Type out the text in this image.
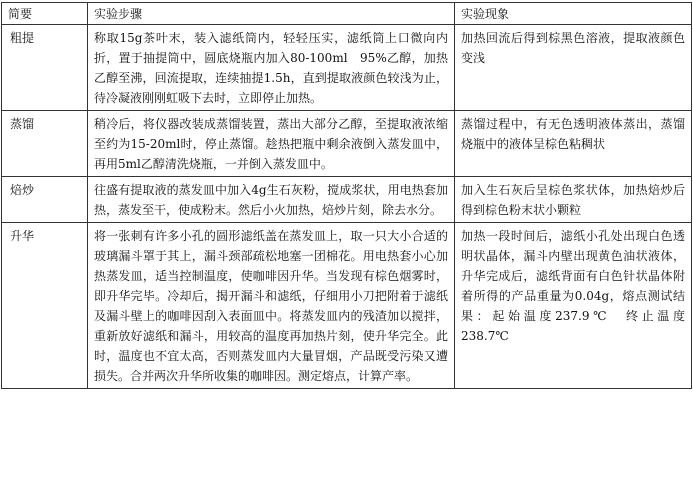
简要	实验步骤	实验现象
粗提	称取15g茶叶末，装入滤纸筒内，轻轻压实，滤纸筒上口微向内折，置于抽提筒中，圆底烧瓶内加入80-100ml　95%乙醇，加热乙醇至沸，回流提取，连续抽提1.5h，直到提取液颜色较浅为止，待冷凝液刚刚虹吸下去时，立即停止加热。	加热回流后得到棕黑色溶液，提取液颜色变浅
蒸馏	稍冷后，将仪器改装成蒸馏装置，蒸出大部分乙醇，至提取液浓缩至约为15-20ml时，停止蒸馏。趁热把瓶中剩余液倒入蒸发皿中，再用5ml乙醇清洗烧瓶，一并倒入蒸发皿中。	蒸馏过程中，有无色透明液体蒸出，蒸馏烧瓶中的液体呈棕色粘稠状
焙炒	往盛有提取液的蒸发皿中加入4g生石灰粉，搅成浆状，用电热套加热，蒸发至干，使成粉末。然后小火加热，焙炒片刻，除去水分。	加入生石灰后呈棕色浆状体，加热焙炒后得到棕色粉末状小颗粒
升华	将一张刺有许多小孔的圆形滤纸盖在蒸发皿上，取一只大小合适的玻璃漏斗罩于其上，漏斗颈部疏松地塞一团棉花。用电热套小心加热蒸发皿，适当控制温度，使咖啡因升华。当发现有棕色烟雾时，即升华完毕。冷却后，揭开漏斗和滤纸，仔细用小刀把附着于滤纸及漏斗壁上的咖啡因刮入表面皿中。将蒸发皿内的残渣加以搅拌，重新放好滤纸和漏斗，用较高的温度再加热片刻，使升华完全。此时，温度也不宜太高，否则蒸发皿内大量冒烟，产品既受污染又遭损失。合并两次升华所收集的咖啡因。测定熔点，计算产率。	加热一段时间后，滤纸小孔处出现白色透明状晶体，漏斗内壁出现黄色油状液体，升华完成后，滤纸背面有白色针状晶体附着所得的产品重量为0.04g，熔点测试结果：起始温度237.9℃　终止温度238.7℃
